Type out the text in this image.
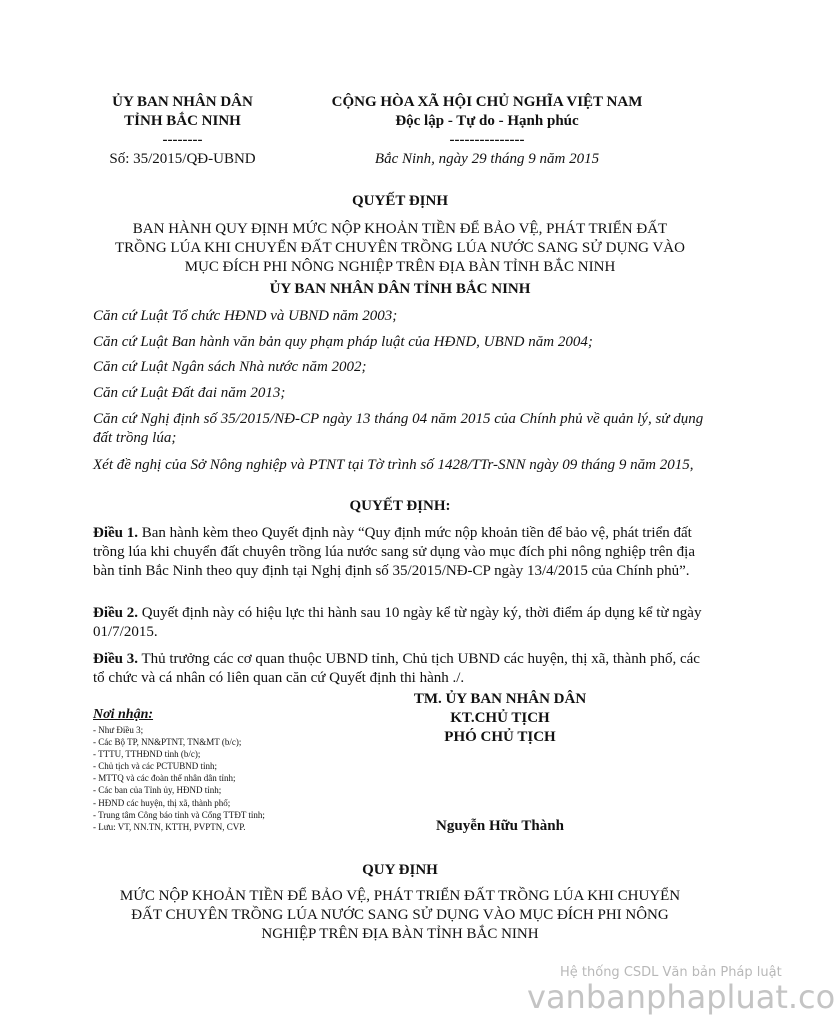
ỦY BAN NHÂN DÂN
TỈNH BẮC NINH
--------
Số: 35/2015/QĐ-UBND
CỘNG HÒA XÃ HỘI CHỦ NGHĨA VIỆT NAM
Độc lập - Tự do - Hạnh phúc
---------------
Bắc Ninh, ngày 29 tháng 9 năm 2015
QUYẾT ĐỊNH
BAN HÀNH QUY ĐỊNH MỨC NỘP KHOẢN TIỀN ĐỂ BẢO VỆ, PHÁT TRIỂN ĐẤT
TRỒNG LÚA KHI CHUYỂN ĐẤT CHUYÊN TRỒNG LÚA NƯỚC SANG SỬ DỤNG VÀO
MỤC ĐÍCH PHI NÔNG NGHIỆP TRÊN ĐỊA BÀN TỈNH BẮC NINH
ỦY BAN NHÂN DÂN TỈNH BẮC NINH
Căn cứ Luật Tổ chức HĐND và UBND năm 2003;
Căn cứ Luật Ban hành văn bản quy phạm pháp luật của HĐND, UBND năm 2004;
Căn cứ Luật Ngân sách Nhà nước năm 2002;
Căn cứ Luật Đất đai năm 2013;
Căn cứ Nghị định số 35/2015/NĐ-CP ngày 13 tháng 04 năm 2015 của Chính phủ về quản lý, sử dụng đất trồng lúa;
Xét đề nghị của Sở Nông nghiệp và PTNT tại Tờ trình số 1428/TTr-SNN ngày 09 tháng 9 năm 2015,
QUYẾT ĐỊNH:
Điều 1. Ban hành kèm theo Quyết định này “Quy định mức nộp khoản tiền để bảo vệ, phát triển đất trồng lúa khi chuyển đất chuyên trồng lúa nước sang sử dụng vào mục đích phi nông nghiệp trên địa bàn tỉnh Bắc Ninh theo quy định tại Nghị định số 35/2015/NĐ-CP ngày 13/4/2015 của Chính phủ”.
Điều 2. Quyết định này có hiệu lực thi hành sau 10 ngày kể từ ngày ký, thời điểm áp dụng kể từ ngày 01/7/2015.
Điều 3. Thủ trưởng các cơ quan thuộc UBND tỉnh, Chủ tịch UBND các huyện, thị xã, thành phố, các tổ chức và cá nhân có liên quan căn cứ Quyết định thi hành ./.
Nơi nhận:
- Như Điều 3;
- Các Bộ TP, NN&PTNT, TN&MT (b/c);
- TTTU, TTHĐND tỉnh (b/c);
- Chủ tịch và các PCTUBND tỉnh;
- MTTQ và các đoàn thể nhân dân tỉnh;
- Các ban của Tỉnh ủy, HĐND tỉnh;
- HĐND các huyện, thị xã, thành phố;
- Trung tâm Công báo tỉnh và Cổng TTĐT tỉnh;
- Lưu: VT, NN.TN, KTTH, PVPTN, CVP.
TM. ỦY BAN NHÂN DÂN
KT.CHỦ TỊCH
PHÓ CHỦ TỊCH
Nguyễn Hữu Thành
QUY ĐỊNH
MỨC NỘP KHOẢN TIỀN ĐỂ BẢO VỆ, PHÁT TRIỂN ĐẤT TRỒNG LÚA KHI CHUYỂN
ĐẤT CHUYÊN TRỒNG LÚA NƯỚC SANG SỬ DỤNG VÀO MỤC ĐÍCH PHI NÔNG
NGHIỆP TRÊN ĐỊA BÀN TỈNH BẮC NINH
Hệ thống CSDL Văn bản Pháp luật
vanbanphapluat.co
